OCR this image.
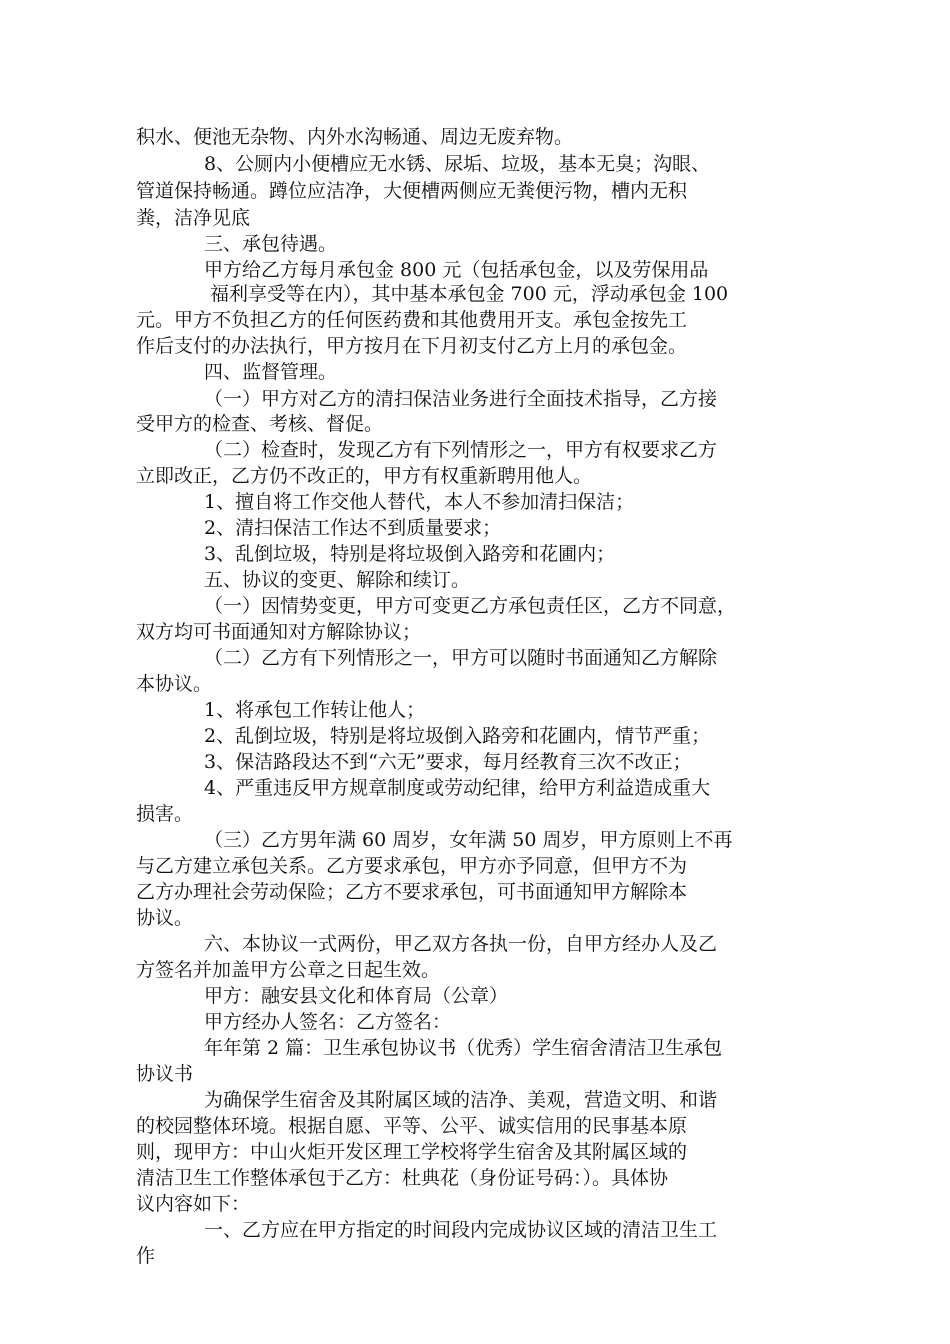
积水、便池无杂物、内外水沟畅通、周边无废弃物。
8、公厕内小便槽应无水锈、尿垢、垃圾，基本无臭；沟眼、
管道保持畅通。蹲位应洁净，大便槽两侧应无粪便污物，槽内无积
粪，洁净见底
三、承包待遇。
甲方给乙方每月承包金 800 元（包括承包金，以及劳保用品
福利享受等在内），其中基本承包金 700 元，浮动承包金 100
元。甲方不负担乙方的任何医药费和其他费用开支。承包金按先工
作后支付的办法执行，甲方按月在下月初支付乙方上月的承包金。
四、监督管理。
（一）甲方对乙方的清扫保洁业务进行全面技术指导，乙方接
受甲方的检查、考核、督促。
（二）检查时，发现乙方有下列情形之一，甲方有权要求乙方
立即改正，乙方仍不改正的，甲方有权重新聘用他人。
1、擅自将工作交他人替代，本人不参加清扫保洁；
2、清扫保洁工作达不到质量要求；
3、乱倒垃圾，特别是将垃圾倒入路旁和花圃内；
五、协议的变更、解除和续订。
（一）因情势变更，甲方可变更乙方承包责任区，乙方不同意，
双方均可书面通知对方解除协议；
（二）乙方有下列情形之一，甲方可以随时书面通知乙方解除
本协议。
1、将承包工作转让他人；
2、乱倒垃圾，特别是将垃圾倒入路旁和花圃内，情节严重；
3、保洁路段达不到“六无”要求，每月经教育三次不改正；
4、严重违反甲方规章制度或劳动纪律，给甲方利益造成重大
损害。
（三）乙方男年满 60 周岁，女年满 50 周岁，甲方原则上不再
与乙方建立承包关系。乙方要求承包，甲方亦予同意，但甲方不为
乙方办理社会劳动保险；乙方不要求承包，可书面通知甲方解除本
协议。
六、本协议一式两份，甲乙双方各执一份，自甲方经办人及乙
方签名并加盖甲方公章之日起生效。
甲方：融安县文化和体育局（公章）
甲方经办人签名：乙方签名：
年年第 2 篇：卫生承包协议书（优秀）学生宿舍清洁卫生承包
协议书
为确保学生宿舍及其附属区域的洁净、美观，营造文明、和谐
的校园整体环境。根据自愿、平等、公平、诚实信用的民事基本原
则，现甲方：中山火炬开发区理工学校将学生宿舍及其附属区域的
清洁卫生工作整体承包于乙方：杜典花（身份证号码：）。具体协
议内容如下：
一、乙方应在甲方指定的时间段内完成协议区域的清洁卫生工
作
